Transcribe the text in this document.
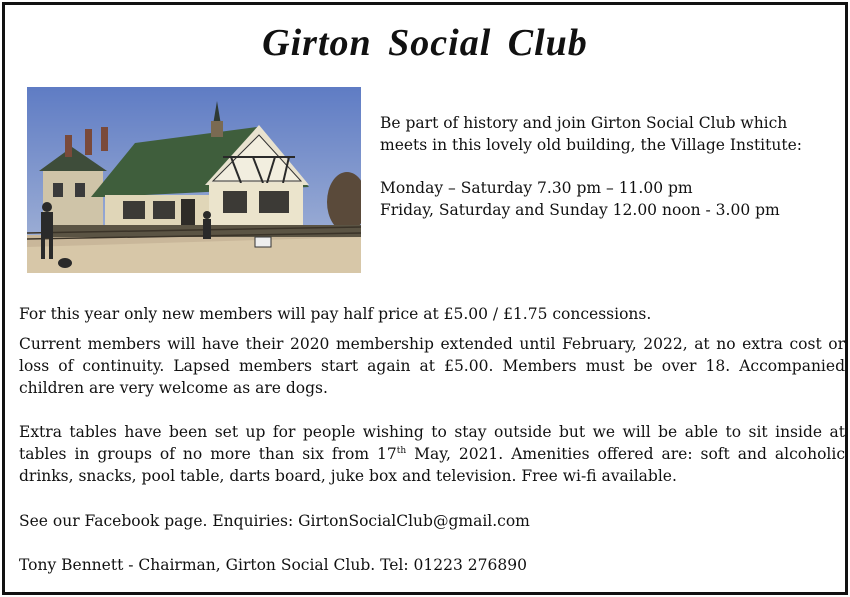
Girton Social Club

Be part of history and join Girton Social Club which meets in this lovely old building, the Village Institute:

Monday – Saturday 7.30 pm – 11.00 pm
Friday, Saturday and Sunday 12.00 noon - 3.00 pm

For this year only new members will pay half price at £5.00 / £1.75 concessions.

Current members will have their 2020 membership extended until February, 2022, at no extra cost or loss of continuity. Lapsed members start again at £5.00. Members must be over 18. Accompanied children are very welcome as are dogs.

Extra tables have been set up for people wishing to stay outside but we will be able to sit inside at tables in groups of no more than six from 17th May, 2021. Amenities offered are: soft and alcoholic drinks, snacks, pool table, darts board, juke box and television. Free wi-fi available.

See our Facebook page. Enquiries: GirtonSocialClub@gmail.com

Tony Bennett - Chairman, Girton Social Club. Tel: 01223 276890
